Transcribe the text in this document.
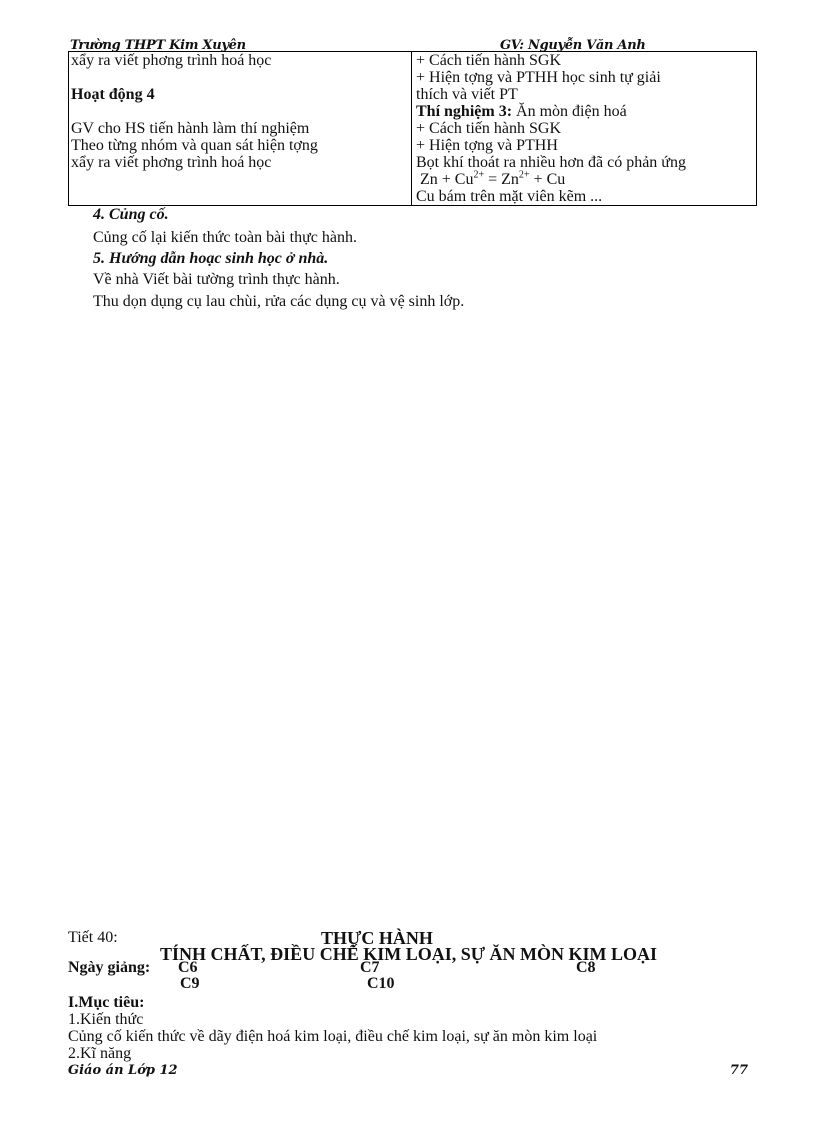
Trường THPT Kim Xuyên	GV: Nguyễn Văn Anh
xẩy ra viết phơng trình hoá học
Hoạt động 4
GV cho HS tiến hành làm thí nghiệm
Theo từng nhóm và quan sát hiện tợng
xẩy ra viết phơng trình hoá học

+ Cách tiến hành SGK
+ Hiện tợng và PTHH học sinh tự giải
thích và viết PT
Thí nghiệm 3: Ăn mòn điện hoá
+ Cách tiến hành SGK
+ Hiện tợng và PTHH
Bọt khí thoát ra nhiều hơn đã có phản ứng
$Zn + Cu^{2+} = Zn^{2+} + Cu$
Cu bám trên mặt viên kẽm ...
4. Củng cố.
Củng cố lại kiến thức toàn bài thực hành.
5. Hướng dẫn hoạc sinh học ở nhà.
Về nhà Viết bài tường trình thực hành.
Thu dọn dụng cụ lau chùi, rửa các dụng cụ và vệ sinh lớp.
Tiết 40:	THỰC HÀNH
TÍNH CHẤT, ĐIỀU CHẾ KIM LOẠI, SỰ ĂN MÒN KIM LOẠI
Ngày giảng: C6	C7	C8
C9	C10
I.Mục tiêu:
1.Kiến thức
Củng cố kiến thức về dãy điện hoá kim loại, điều chế kim loại, sự ăn mòn kim loại
2.Kĩ năng
Giáo án Lớp 12	77
